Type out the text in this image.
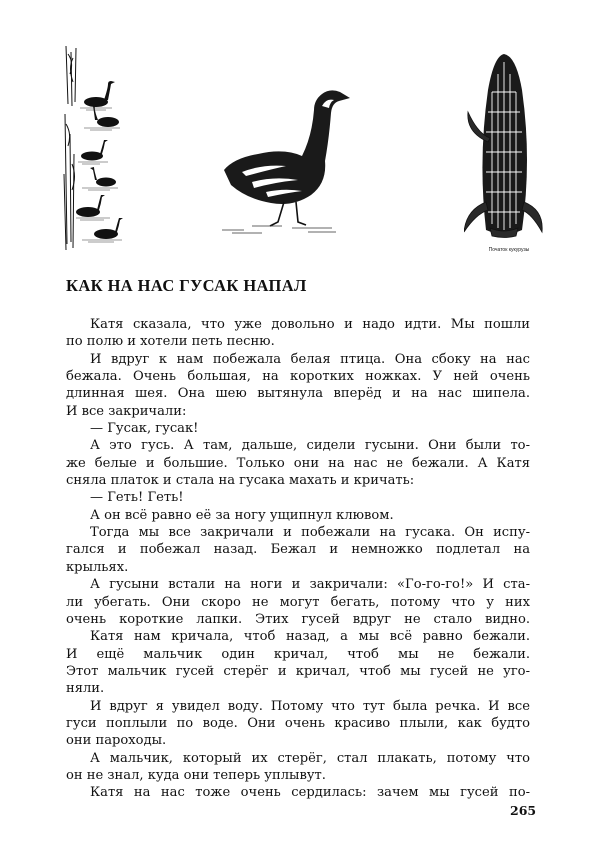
Початок кукурузы
КАК НА НАС ГУСАК НАПАЛ
Катя сказала, что уже довольно и надо идти. Мы пошли
по полю и хотели петь песню.
И вдруг к нам побежала белая птица. Она сбоку на нас
бежала. Очень большая, на коротких ножках. У ней очень
длинная шея. Она шею вытянула вперёд и на нас шипела.
И все закричали:
— Гусак, гусак!
А это гусь. А там, дальше, сидели гусыни. Они были то-
же белые и большие. Только они на нас не бежали. А Катя
сняла платок и стала на гусака махать и кричать:
— Геть! Геть!
А он всё равно её за ногу ущипнул клювом.
Тогда мы все закричали и побежали на гусака. Он испу-
гался и побежал назад. Бежал и немножко подлетал на
крыльях.
А гусыни встали на ноги и закричали: «Го-го-го!» И ста-
ли убегать. Они скоро не могут бегать, потому что у них
очень короткие лапки. Этих гусей вдруг не стало видно.
Катя нам кричала, чтоб назад, а мы всё равно бежали.
И ещё мальчик один кричал, чтоб мы не бежали.
Этот мальчик гусей стерёг и кричал, чтоб мы гусей не уго-
няли.
И вдруг я увидел воду. Потому что тут была речка. И все
гуси поплыли по воде. Они очень красиво плыли, как будто
они пароходы.
А мальчик, который их стерёг, стал плакать, потому что
он не знал, куда они теперь уплывут.
Катя на нас тоже очень сердилась: зачем мы гусей по-
265
